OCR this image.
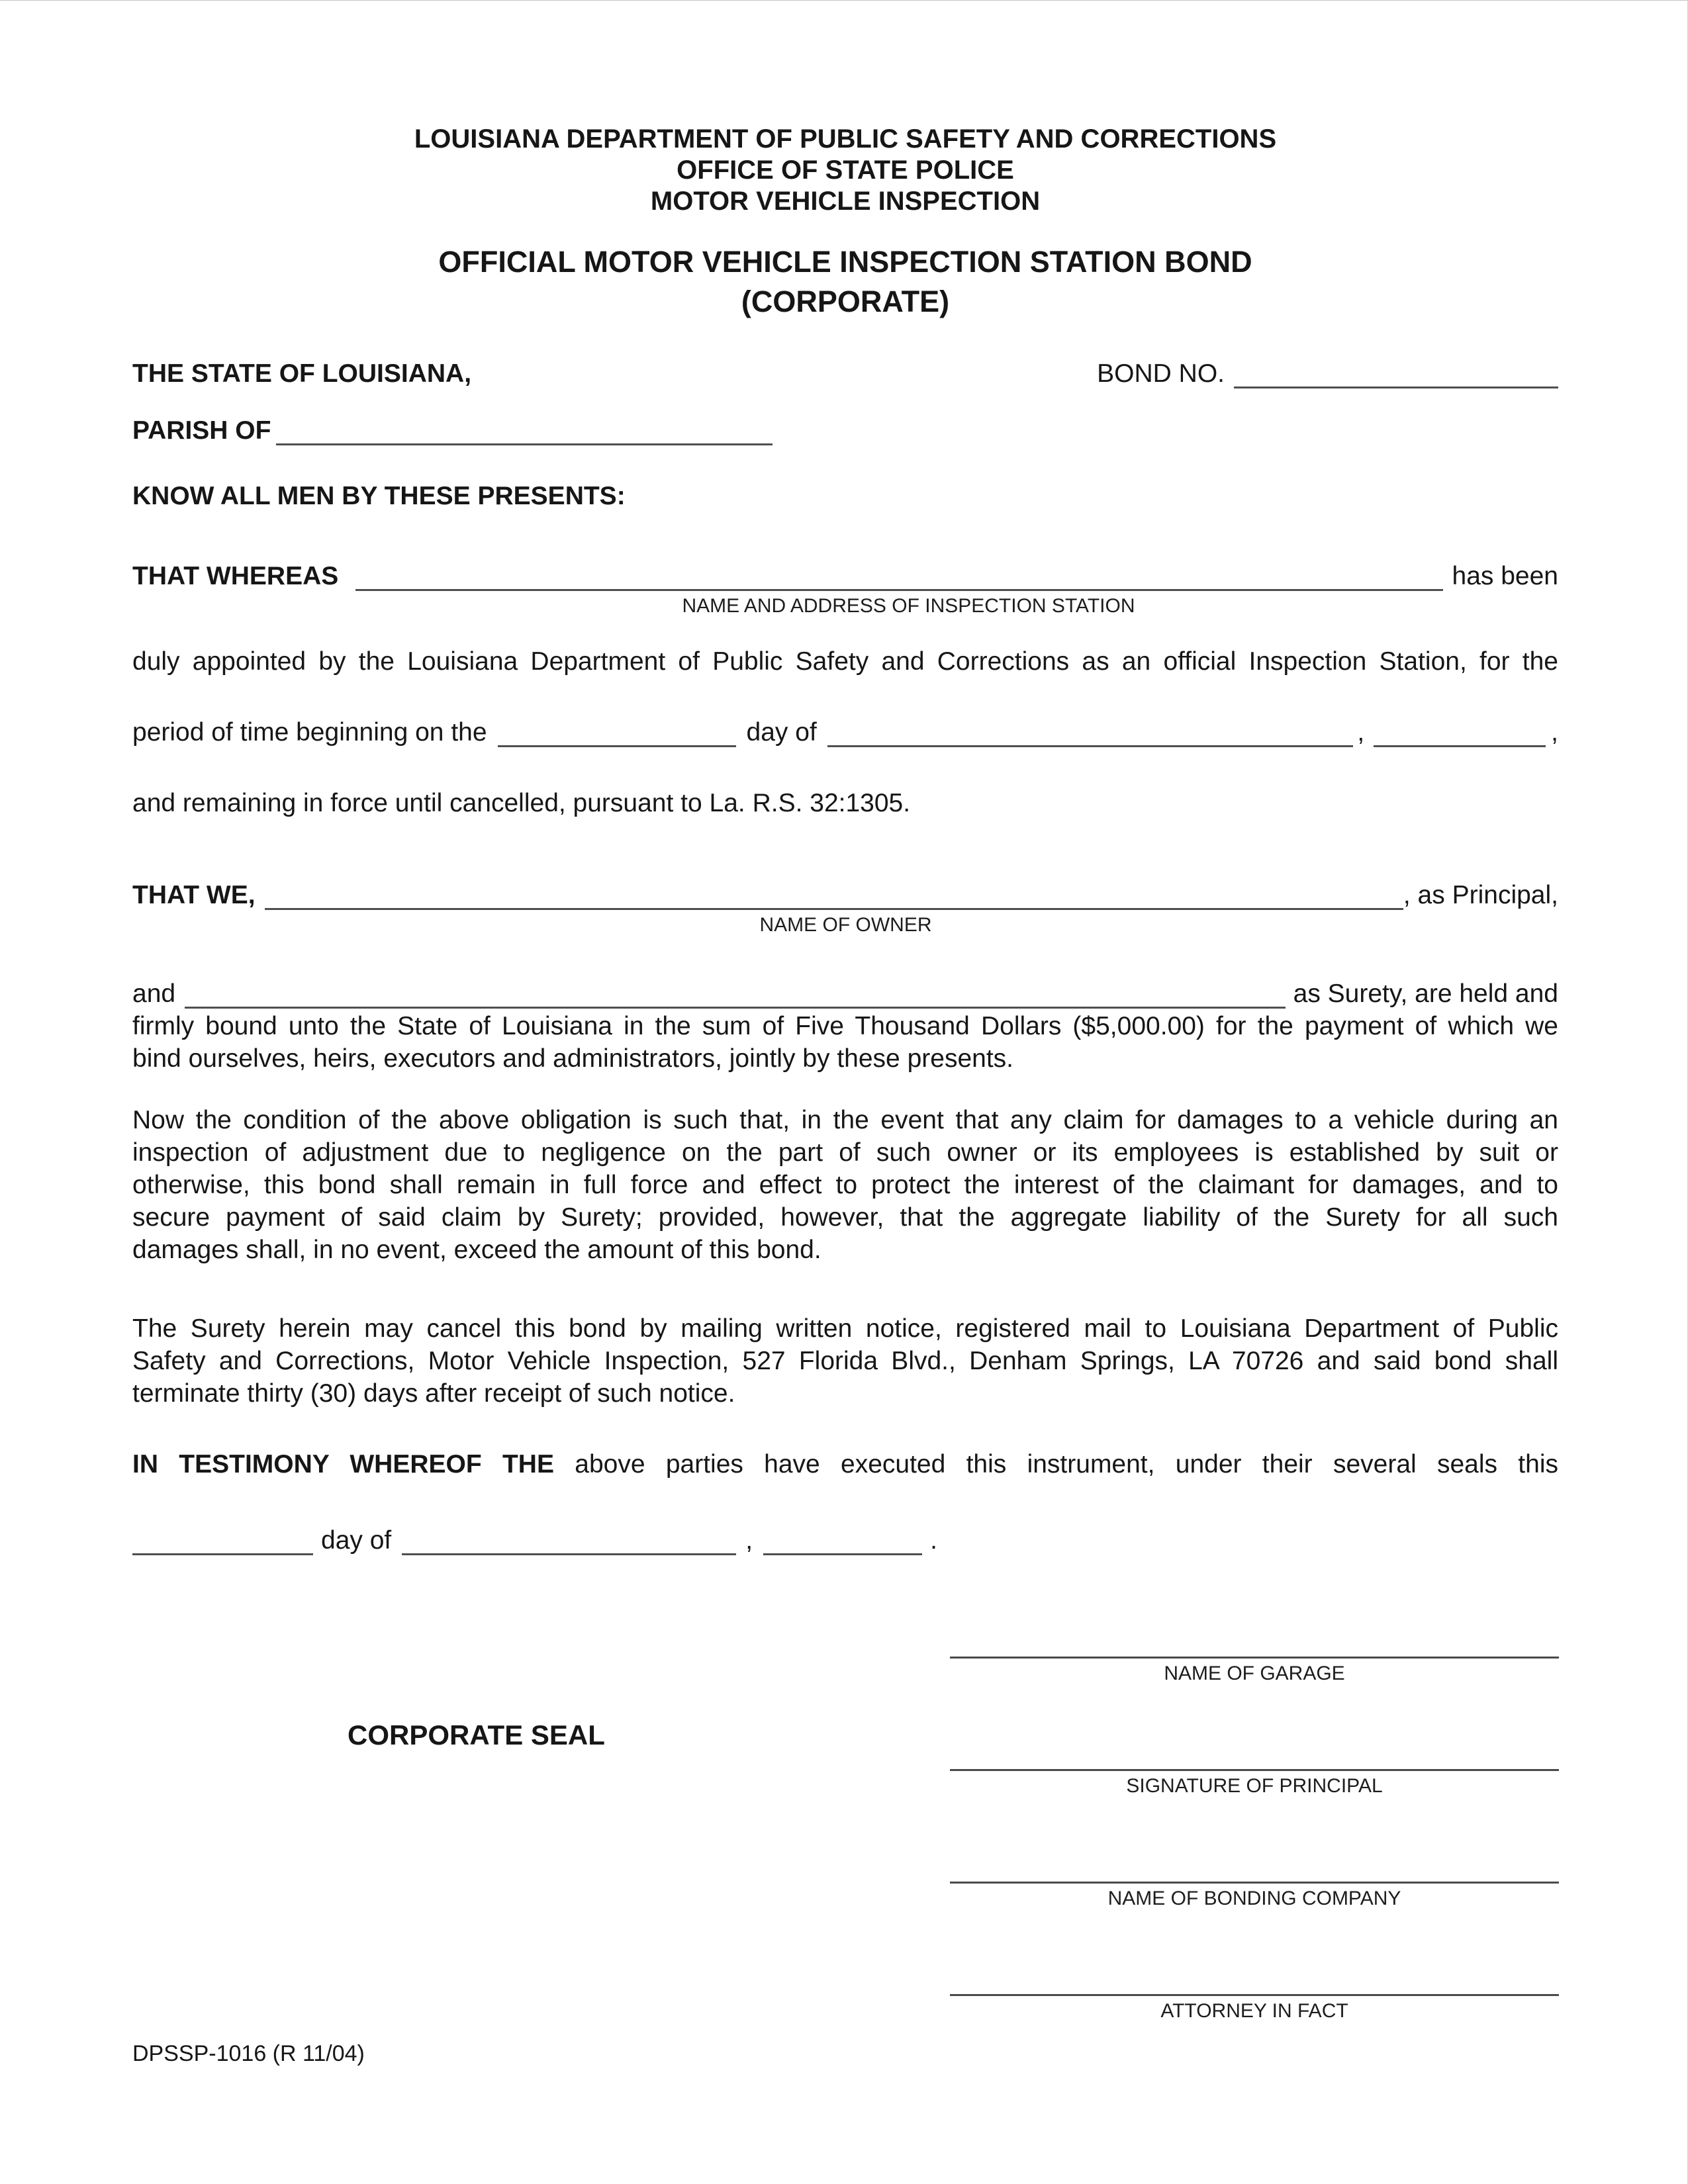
LOUISIANA DEPARTMENT OF PUBLIC SAFETY AND CORRECTIONS
OFFICE OF STATE POLICE
MOTOR VEHICLE INSPECTION
OFFICIAL MOTOR VEHICLE INSPECTION STATION BOND
(CORPORATE)
THE STATE OF LOUISIANA,	BOND NO.
PARISH OF
KNOW ALL MEN BY THESE PRESENTS:
THAT WHEREAS	has been
NAME AND ADDRESS OF INSPECTION STATION
duly appointed by the Louisiana Department of Public Safety and Corrections as an official Inspection Station, for the
period of time beginning on the	day of	,	,
and remaining in force until cancelled, pursuant to La. R.S. 32:1305.
THAT WE,	, as Principal,
NAME OF OWNER
and	as Surety, are held and
firmly bound unto the State of Louisiana in the sum of Five Thousand Dollars ($5,000.00) for the payment of which we
bind ourselves, heirs, executors and administrators, jointly by these presents.
Now the condition of the above obligation is such that, in the event that any claim for damages to a vehicle during an
inspection of adjustment due to negligence on the part of such owner or its employees is established by suit or
otherwise, this bond shall remain in full force and effect to protect the interest of the claimant for damages, and to
secure payment of said claim by Surety; provided, however, that the aggregate liability of the Surety for all such
damages shall, in no event, exceed the amount of this bond.
The Surety herein may cancel this bond by mailing written notice, registered mail to Louisiana Department of Public
Safety and Corrections, Motor Vehicle Inspection, 527 Florida Blvd., Denham Springs, LA 70726 and said bond shall
terminate thirty (30) days after receipt of such notice.
IN TESTIMONY WHEREOF THE above parties have executed this instrument, under their several seals this
day of	,	.
CORPORATE SEAL
NAME OF GARAGE
SIGNATURE OF PRINCIPAL
NAME OF BONDING COMPANY
ATTORNEY IN FACT
DPSSP-1016 (R 11/04)
